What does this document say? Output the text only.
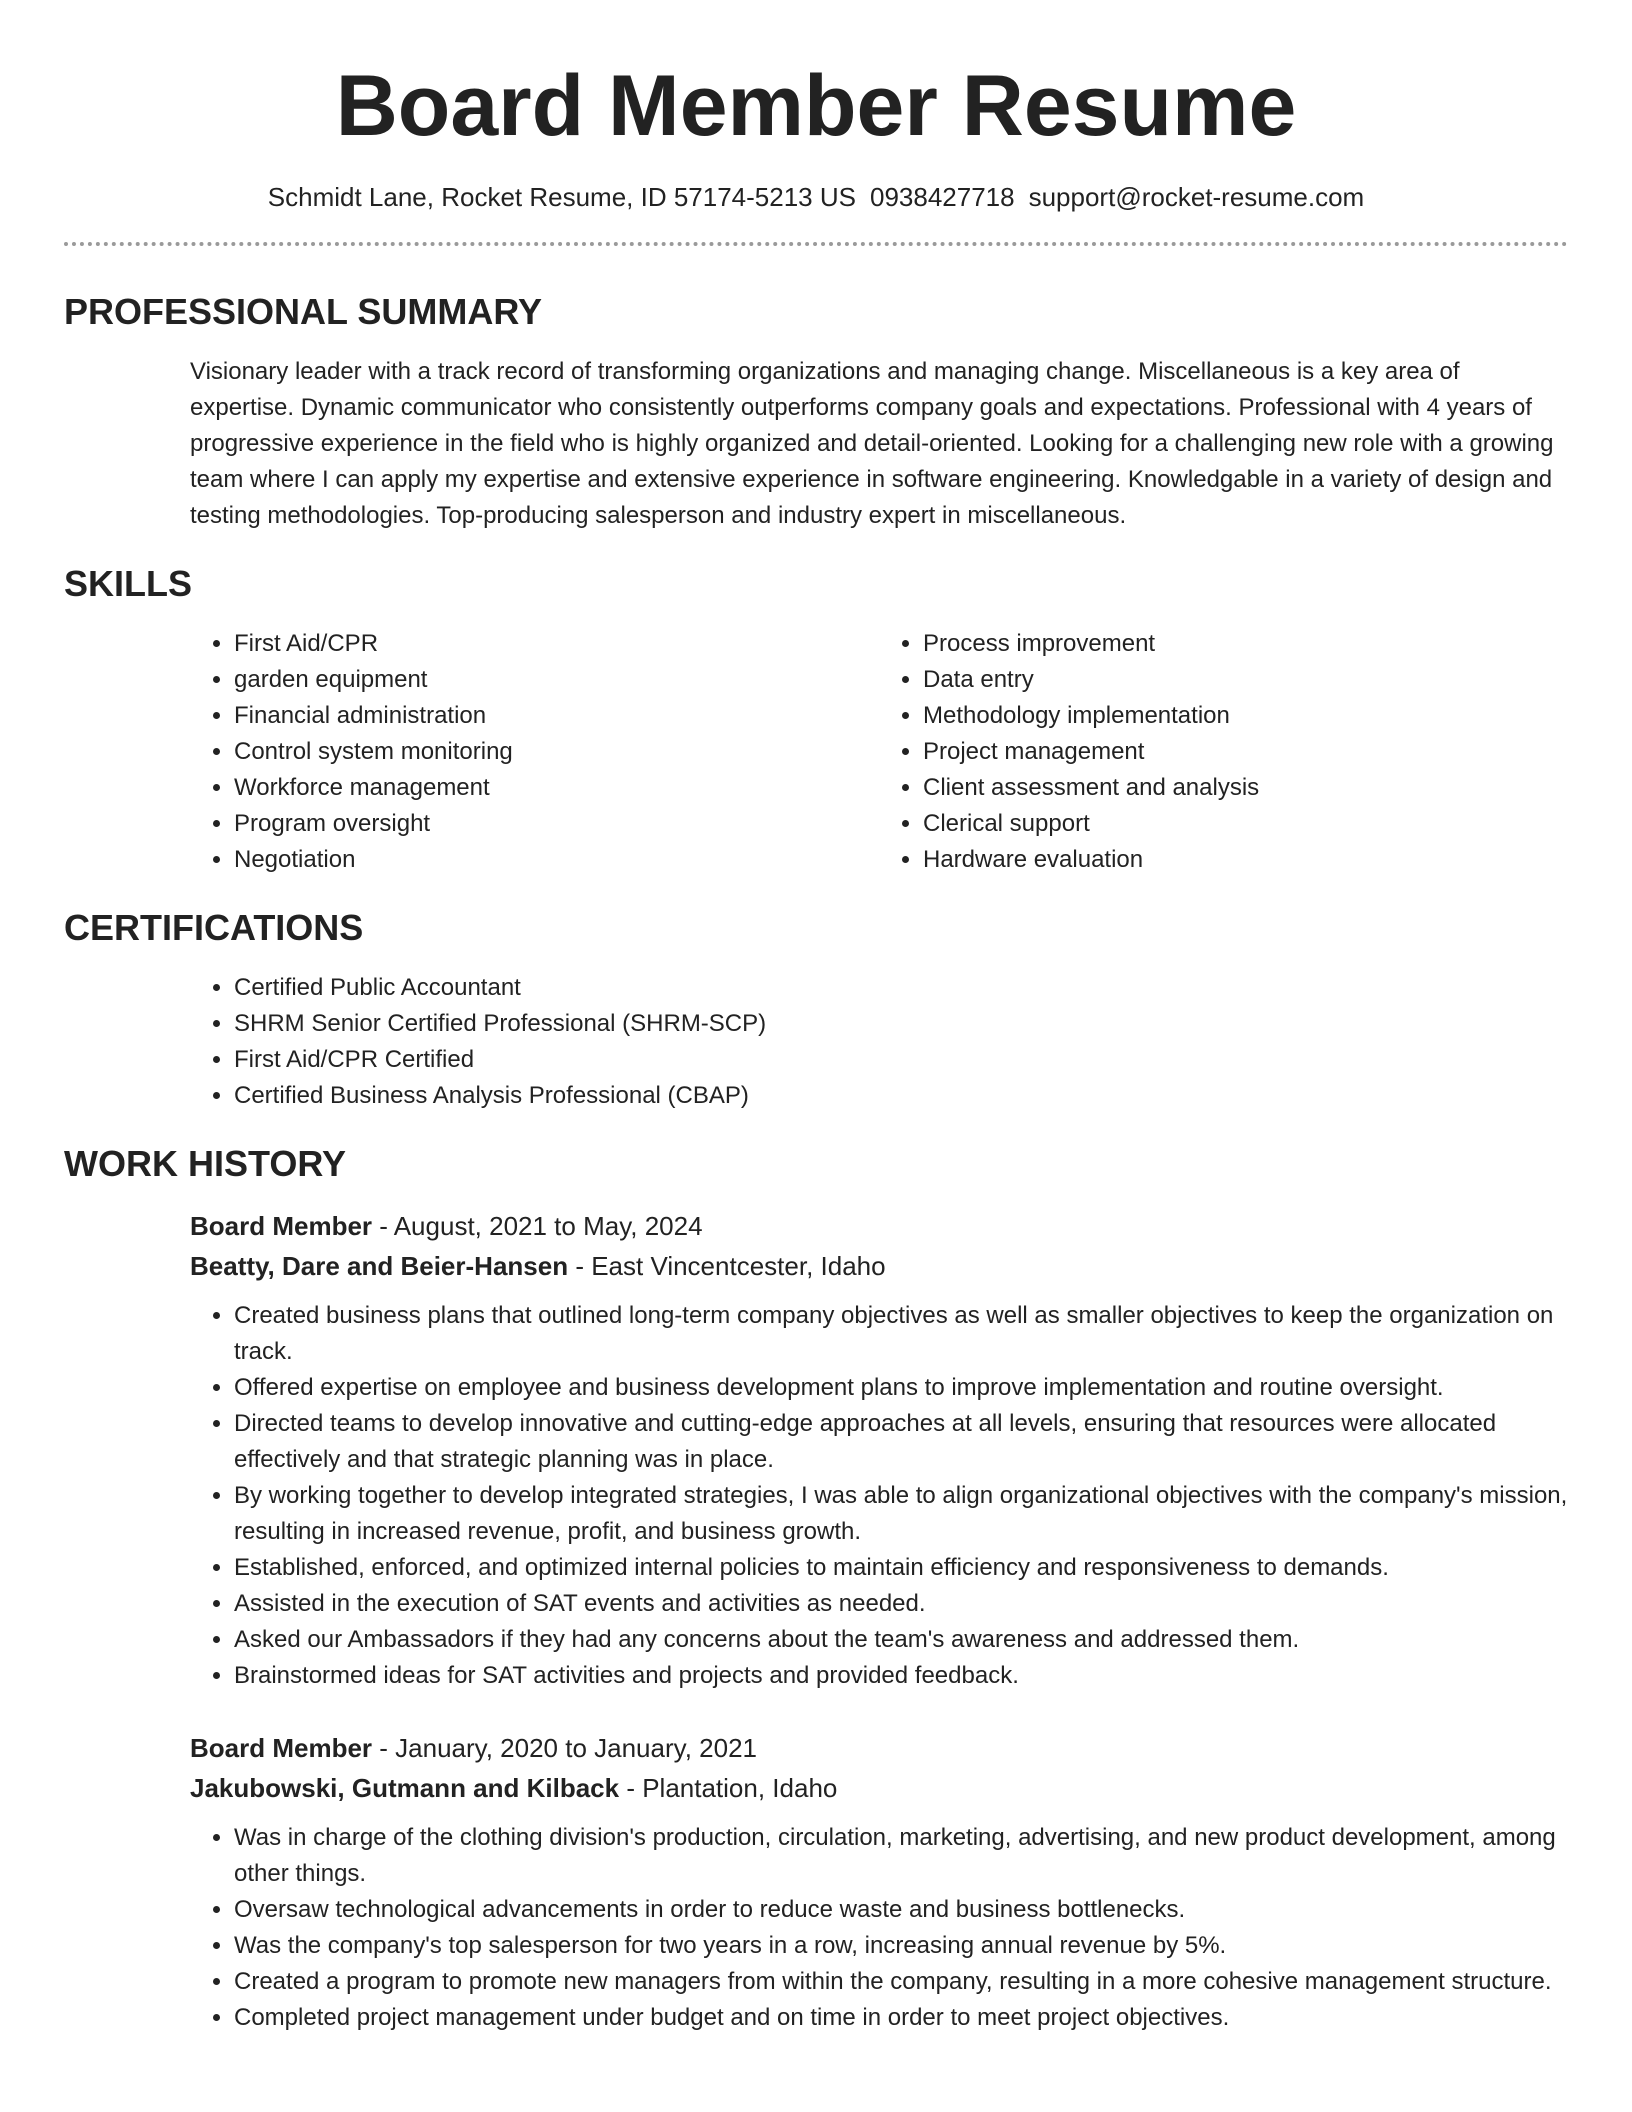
Board Member Resume
Schmidt Lane, Rocket Resume, ID 57174-5213 US 0938427718 support@rocket-resume.com
PROFESSIONAL SUMMARY

Visionary leader with a track record of transforming organizations and managing change. Miscellaneous is a key area of expertise. Dynamic communicator who consistently outperforms company goals and expectations. Professional with 4 years of progressive experience in the field who is highly organized and detail-oriented. Looking for a challenging new role with a growing team where I can apply my expertise and extensive experience in software engineering. Knowledgable in a variety of design and testing methodologies. Top-producing salesperson and industry expert in miscellaneous.

SKILLS
• First Aid/CPR
• garden equipment
• Financial administration
• Control system monitoring
• Workforce management
• Program oversight
• Negotiation
• Process improvement
• Data entry
• Methodology implementation
• Project management
• Client assessment and analysis
• Clerical support
• Hardware evaluation
CERTIFICATIONS
• Certified Public Accountant
• SHRM Senior Certified Professional (SHRM-SCP)
• First Aid/CPR Certified
• Certified Business Analysis Professional (CBAP)
WORK HISTORY
Board Member - August, 2021 to May, 2024
Beatty, Dare and Beier-Hansen - East Vincentcester, Idaho
• Created business plans that outlined long-term company objectives as well as smaller objectives to keep the organization on track.
• Offered expertise on employee and business development plans to improve implementation and routine oversight.
• Directed teams to develop innovative and cutting-edge approaches at all levels, ensuring that resources were allocated effectively and that strategic planning was in place.
• By working together to develop integrated strategies, I was able to align organizational objectives with the company's mission, resulting in increased revenue, profit, and business growth.
• Established, enforced, and optimized internal policies to maintain efficiency and responsiveness to demands.
• Assisted in the execution of SAT events and activities as needed.
• Asked our Ambassadors if they had any concerns about the team's awareness and addressed them.
• Brainstormed ideas for SAT activities and projects and provided feedback.
Board Member - January, 2020 to January, 2021
Jakubowski, Gutmann and Kilback - Plantation, Idaho
• Was in charge of the clothing division's production, circulation, marketing, advertising, and new product development, among other things.
• Oversaw technological advancements in order to reduce waste and business bottlenecks.
• Was the company's top salesperson for two years in a row, increasing annual revenue by 5%.
• Created a program to promote new managers from within the company, resulting in a more cohesive management structure.
• Completed project management under budget and on time in order to meet project objectives.
